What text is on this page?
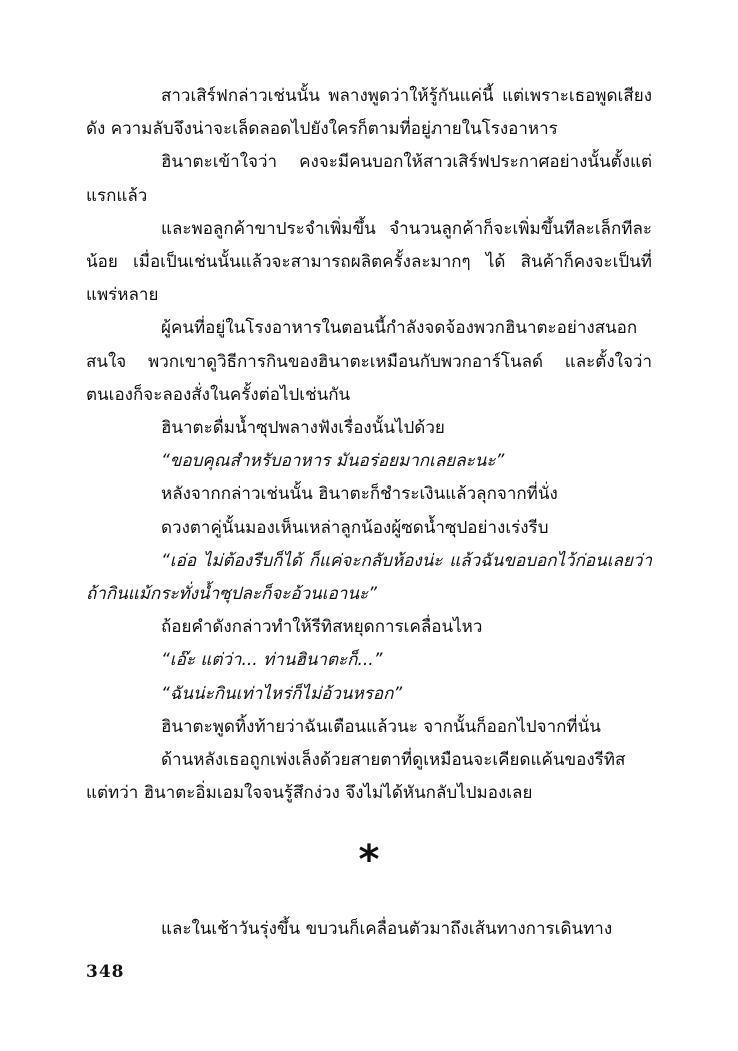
สาวเสิร์ฟกล่าวเช่นนั้น พลางพูดว่าให้รู้กันแค่นี้ แต่เพราะเธอพูดเสียงดัง ความลับจึงน่าจะเล็ดลอดไปยังใครก็ตามที่อยู่ภายในโรงอาหาร

ฮินาตะเข้าใจว่า คงจะมีคนบอกให้สาวเสิร์ฟประกาศอย่างนั้นตั้งแต่แรกแล้ว

และพอลูกค้าขาประจำเพิ่มขึ้น จำนวนลูกค้าก็จะเพิ่มขึ้นทีละเล็กทีละน้อย เมื่อเป็นเช่นนั้นแล้วจะสามารถผลิตครั้งละมากๆ ได้ สินค้าก็คงจะเป็นที่แพร่หลาย

ผู้คนที่อยู่ในโรงอาหารในตอนนี้กำลังจดจ้องพวกฮินาตะอย่างสนอกสนใจ พวกเขาดูวิธีการกินของฮินาตะเหมือนกับพวกอาร์โนลด์ และตั้งใจว่าตนเองก็จะลองสั่งในครั้งต่อไปเช่นกัน

ฮินาตะดื่มน้ำซุปพลางฟังเรื่องนั้นไปด้วย

“ขอบคุณสำหรับอาหาร มันอร่อยมากเลยละนะ”

หลังจากกล่าวเช่นนั้น ฮินาตะก็ชำระเงินแล้วลุกจากที่นั่ง

ดวงตาคู่นั้นมองเห็นเหล่าลูกน้องผู้ซดน้ำซุปอย่างเร่งรีบ

“เอ่อ ไม่ต้องรีบก็ได้ ก็แค่จะกลับห้องน่ะ แล้วฉันขอบอกไว้ก่อนเลยว่า ถ้ากินแม้กระทั่งน้ำซุปละก็จะอ้วนเอานะ”

ถ้อยคำดังกล่าวทำให้รีทิสหยุดการเคลื่อนไหว

“เอ๊ะ แต่ว่า... ท่านฮินาตะก็...”

“ฉันน่ะกินเท่าไหร่ก็ไม่อ้วนหรอก”

ฮินาตะพูดทิ้งท้ายว่าฉันเตือนแล้วนะ จากนั้นก็ออกไปจากที่นั่น

ด้านหลังเธอถูกเพ่งเล็งด้วยสายตาที่ดูเหมือนจะเคียดแค้นของรีทิส แต่ทว่า ฮินาตะอิ่มเอมใจจนรู้สึกง่วง จึงไม่ได้หันกลับไปมองเลย

*

และในเช้าวันรุ่งขึ้น ขบวนก็เคลื่อนตัวมาถึงเส้นทางการเดินทาง

348
